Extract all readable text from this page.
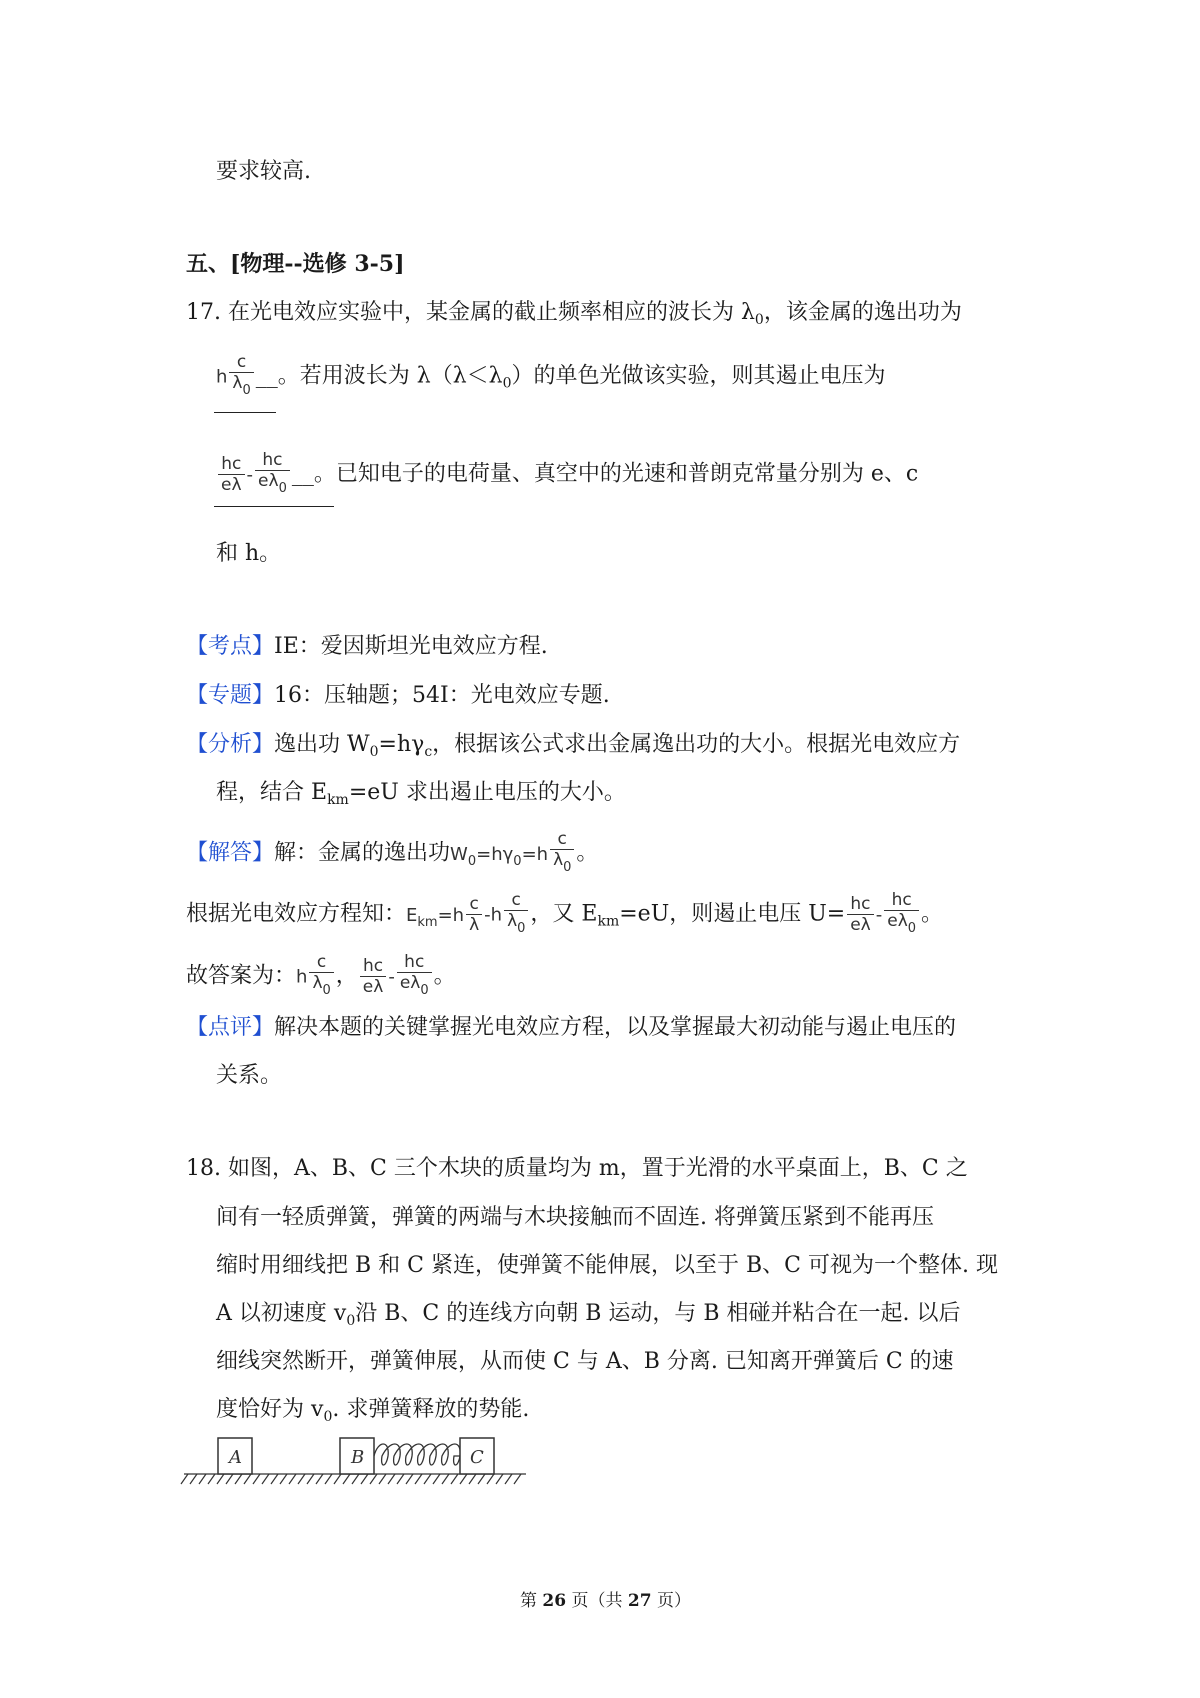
要求较高.
五、[物理--选修 3-5]
17. 在光电效应实验中，某金属的截止频率相应的波长为 $\lambda_0$，该金属的逸出功为
h $\frac{c}{\lambda_0}$ __。若用波长为 $\lambda(\lambda<\lambda_0)$的单色光做该实验，则其遏止电压为
$\frac{hc}{e\lambda} - \frac{hc}{e\lambda_0}$ __。已知电子的电荷量、真空中的光速和普朗克常量分别为 e、c
和 h。
【考点】IE：爱因斯坦光电效应方程.
【专题】16：压轴题；54I：光电效应专题.
【分析】逸出功 $W_0=h\gamma_c$，根据该公式求出金属逸出功的大小。根据光电效应方
程，结合 $E_{km}=eU$ 求出遏止电压的大小。
【解答】解：金属的逸出功$W_0=h\gamma_0=h \frac{c}{\lambda_0}$ 。
根据光电效应方程知：$E_{km}=h \frac{c}{\lambda} -h \frac{c}{\lambda_0}$ ，又 $E_{km}=eU$，则遏止电压 $U= \frac{hc}{e\lambda} - \frac{hc}{e\lambda_0}$ 。
故答案为：h $\frac{c}{\lambda_0}$ ， $\frac{hc}{e\lambda} - \frac{hc}{e\lambda_0}$ 。
【点评】解决本题的关键掌握光电效应方程，以及掌握最大初动能与遏止电压的
关系。
18. 如图，A、B、C 三个木块的质量均为 m，置于光滑的水平桌面上，B、C 之
间有一轻质弹簧，弹簧的两端与木块接触而不固连. 将弹簧压紧到不能再压
缩时用细线把 B 和 C 紧连，使弹簧不能伸展，以至于 B、C 可视为一个整体. 现
A 以初速度 $v_0$沿 B、C 的连线方向朝 B 运动，与 B 相碰并粘合在一起. 以后
细线突然断开，弹簧伸展，从而使 C 与 A、B 分离. 已知离开弹簧后 C 的速
度恰好为 $v_0$. 求弹簧释放的势能.
A	B	C
第 26 页（共 27 页）
